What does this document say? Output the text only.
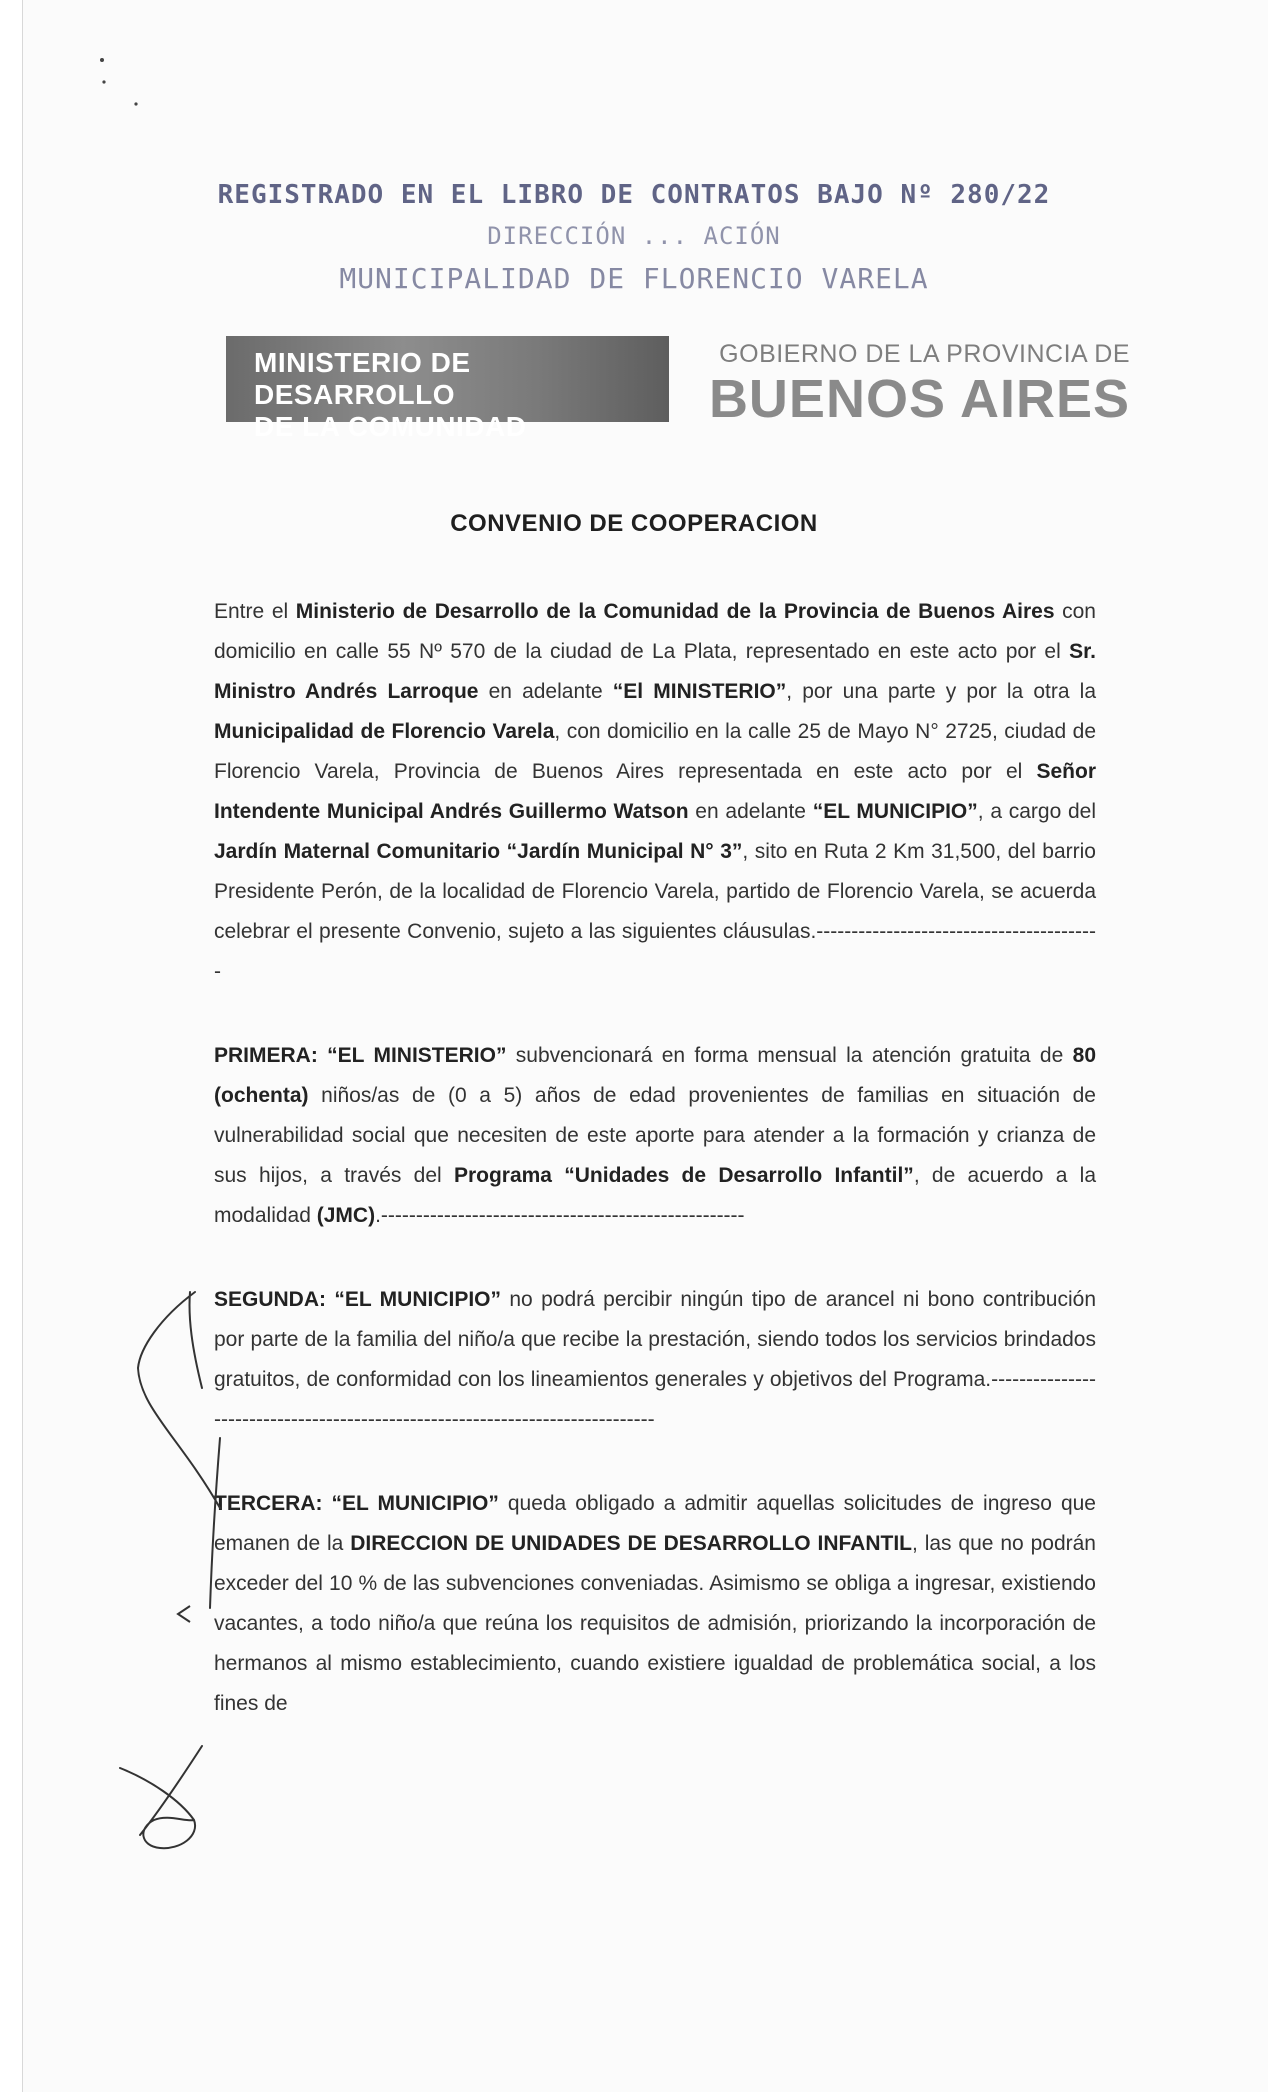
REGISTRADO EN EL LIBRO DE CONTRATOS BAJO Nº 280/22
DIRECCIÓN ... ACIÓN
MUNICIPALIDAD DE FLORENCIO VARELA
MINISTERIO DE DESARROLLO
DE LA COMUNIDAD
GOBIERNO DE LA PROVINCIA DE
BUENOS AIRES
CONVENIO DE COOPERACION

Entre el Ministerio de Desarrollo de la Comunidad de la Provincia de Buenos Aires con domicilio en calle 55 Nº 570 de la ciudad de La Plata, representado en este acto por el Sr. Ministro Andrés Larroque en adelante “El MINISTERIO”, por una parte y por la otra la Municipalidad de Florencio Varela, con domicilio en la calle 25 de Mayo N° 2725, ciudad de Florencio Varela, Provincia de Buenos Aires representada en este acto por el Señor Intendente Municipal Andrés Guillermo Watson en adelante “EL MUNICIPIO”, a cargo del Jardín Maternal Comunitario “Jardín Municipal N° 3”, sito en Ruta 2 Km 31,500, del barrio Presidente Perón, de la localidad de Florencio Varela, partido de Florencio Varela, se acuerda celebrar el presente Convenio, sujeto a las siguientes cláusulas.-----------------------------------------

PRIMERA: “EL MINISTERIO” subvencionará en forma mensual la atención gratuita de 80 (ochenta) niños/as de (0 a 5) años de edad provenientes de familias en situación de vulnerabilidad social que necesiten de este aporte para atender a la formación y crianza de sus hijos, a través del Programa “Unidades de Desarrollo Infantil”, de acuerdo a la modalidad (JMC).----------------------------------------------------

SEGUNDA: “EL MUNICIPIO” no podrá percibir ningún tipo de arancel ni bono contribución por parte de la familia del niño/a que recibe la prestación, siendo todos los servicios brindados gratuitos, de conformidad con los lineamientos generales y objetivos del Programa.------------------------------------------------------------------------------

TERCERA: “EL MUNICIPIO” queda obligado a admitir aquellas solicitudes de ingreso que emanen de la DIRECCION DE UNIDADES DE DESARROLLO INFANTIL, las que no podrán exceder del 10 % de las subvenciones conveniadas. Asimismo se obliga a ingresar, existiendo vacantes, a todo niño/a que reúna los requisitos de admisión, priorizando la incorporación de hermanos al mismo establecimiento, cuando existiere igualdad de problemática social, a los fines de
